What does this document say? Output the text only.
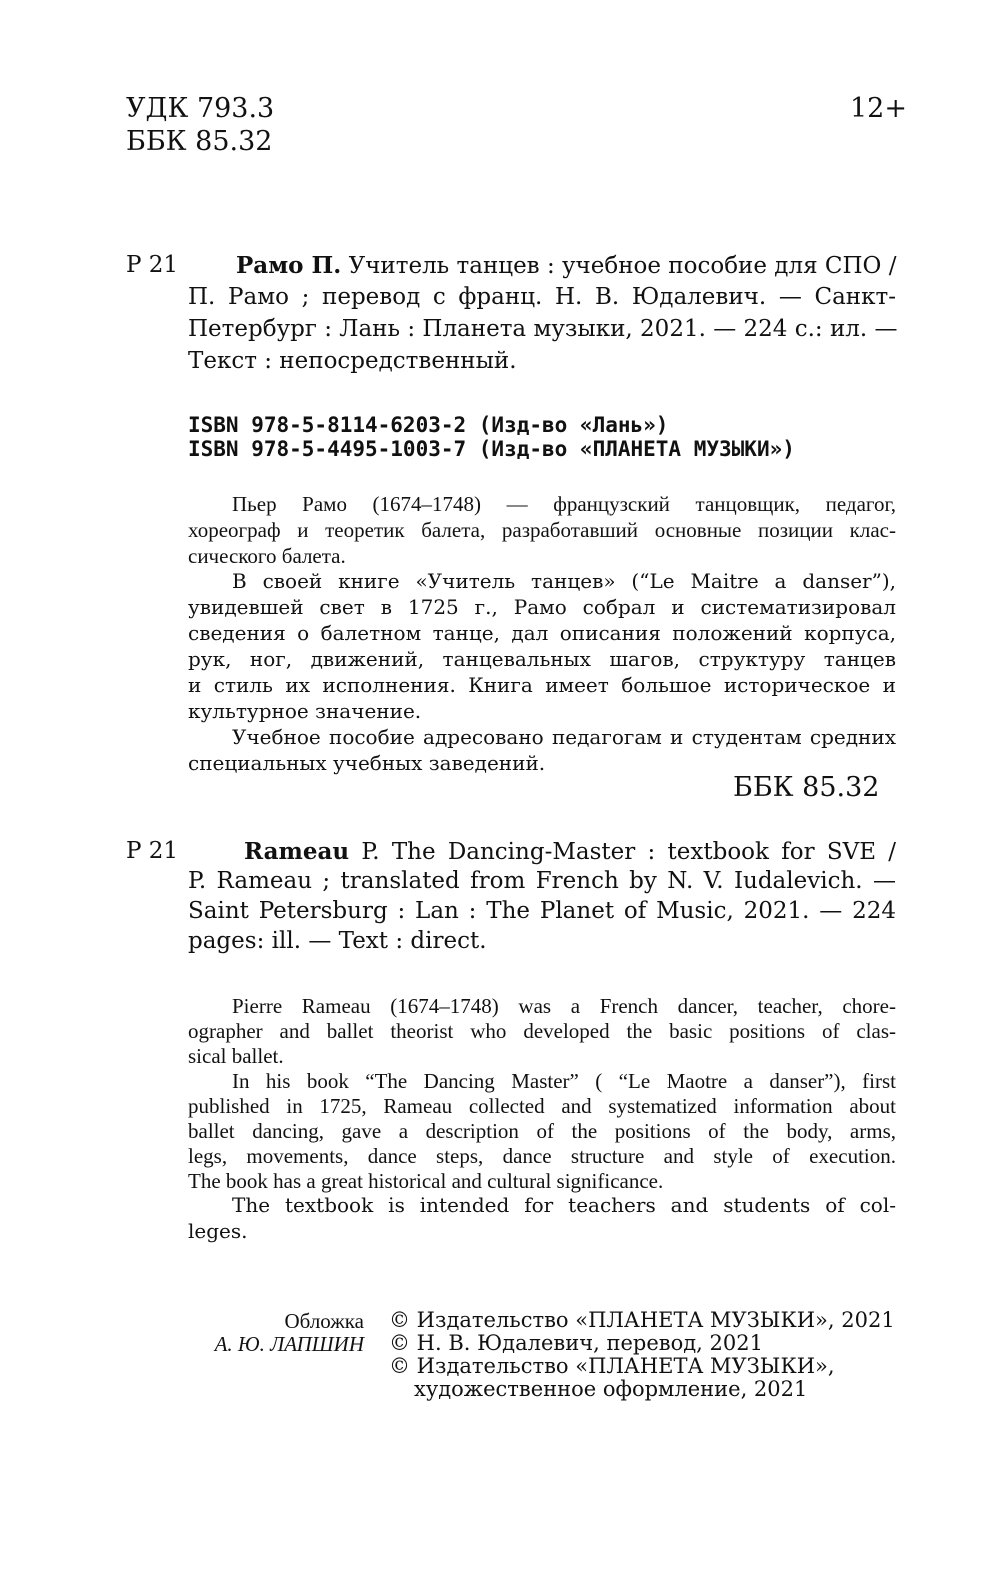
УДК 793.3
ББК 85.32
12+
Р 21	Рамо П. Учитель танцев : учебное пособие для СПО /
П. Рамо ; перевод с франц. Н. В. Юдалевич. — Санкт-
Петербург : Лань : Планета музыки, 2021. — 224 с.: ил. —
Текст : непосредственный.
ISBN 978-5-8114-6203-2 (Изд-во «Лань»)
ISBN 978-5-4495-1003-7 (Изд-во «ПЛАНЕТА МУЗЫКИ»)
Пьер Рамо (1674–1748) — французский танцовщик, педагог,
хореограф и теоретик балета, разработавший основные позиции клас-
сического балета.
В своей книге «Учитель танцев» (“Le Maitre a danser”),
увидевшей свет в 1725 г., Рамо собрал и систематизировал
сведения о балетном танце, дал описания положений корпуса,
рук, ног, движений, танцевальных шагов, структуру танцев
и стиль их исполнения. Книга имеет большое историческое и
культурное значение.
Учебное пособие адресовано педагогам и студентам средних
специальных учебных заведений.
ББК 85.32
Р 21	Rameau P. The Dancing-Master : textbook for SVE /
P. Rameau ; translated from French by N. V. Iudalevich. —
Saint Petersburg : Lan : The Planet of Music, 2021. — 224
pages: ill. — Text : direct.
Pierre Rameau (1674–1748) was a French dancer, teacher, chore-
ographer and ballet theorist who developed the basic positions of clas-
sical ballet.
In his book “The Dancing Master” ( “Le Maotre a danser”), first
published in 1725, Rameau collected and systematized information about
ballet dancing, gave a description of the positions of the body, arms,
legs, movements, dance steps, dance structure and style of execution.
The book has a great historical and cultural significance.
The textbook is intended for teachers and students of col-
leges.
Обложка
А. Ю. ЛАПШИН
© Издательство «ПЛАНЕТА МУЗЫКИ», 2021
© Н. В. Юдалевич, перевод, 2021
© Издательство «ПЛАНЕТА МУЗЫКИ»,
художественное оформление, 2021
